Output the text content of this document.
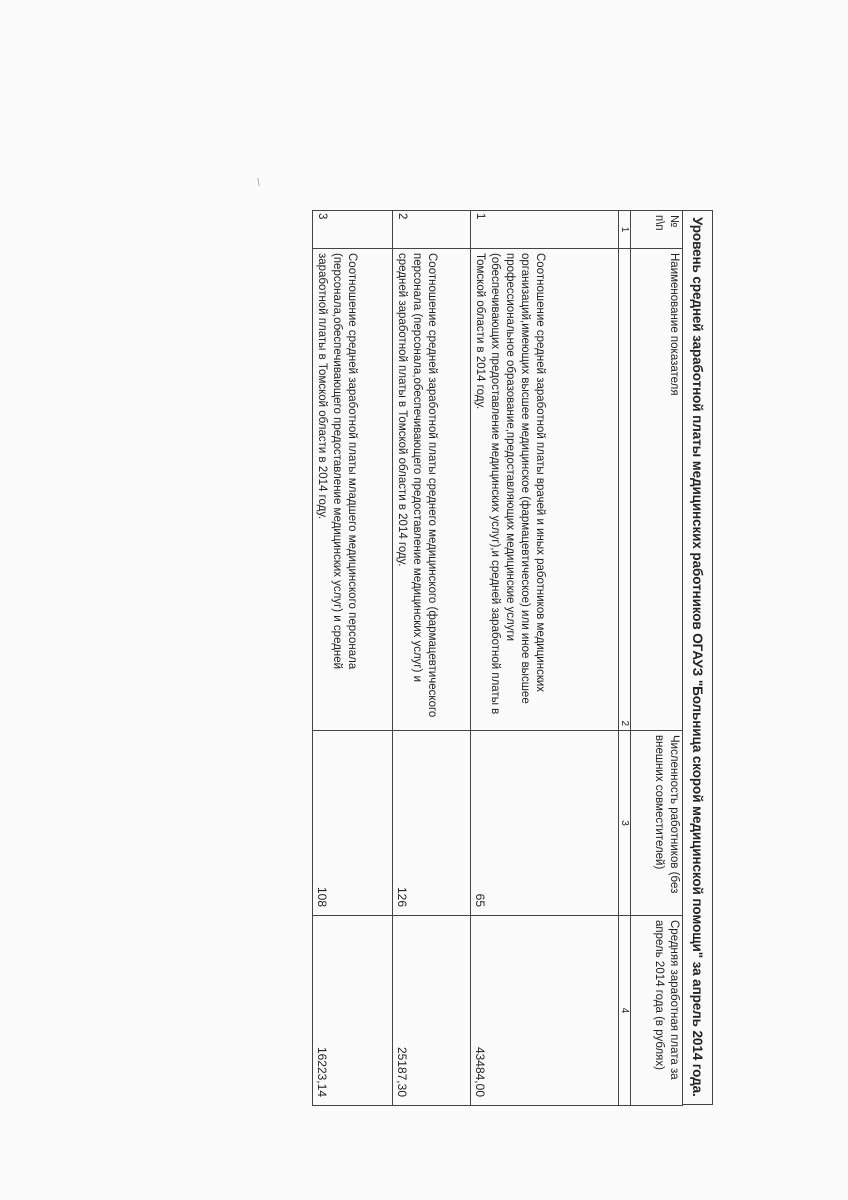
Уровень средней заработной платы медицинских работников ОГАУЗ "Больница скорой медицинской помощи" за апрель 2014 года.
№ п\п	Наименование показателя	Численность работников (без внешних совместителей)	Средняя заработная плата за апрель 2014 года (в рублях)
1	2	3	4
1	Соотношение средней заработной платы врачей и иных работников медицинских организаций,имеющих высшее медицинское (фармацевтическое) или иное высшее профессиональное образование,предоставляющих медицинские услуги (обеспечивающих предоставление медицинских услуг),и средней заработной платы в Томской области в 2014 году.	65	43484,00
2	Соотношение средней заработной платы среднего медицинского (фармацевтического персонала (персонала,обеспечивающего предоставление медицинских услуг) и средней заработной платы в Томской области в 2014 году.	126	25187,30
3	Соотношение средней заработной платы младшего медицинского персонала (персонала,обеспечивающего предоставление медицинских услуг) и средней заработной платы в Томской области в 2014 году.	108	16223,14
